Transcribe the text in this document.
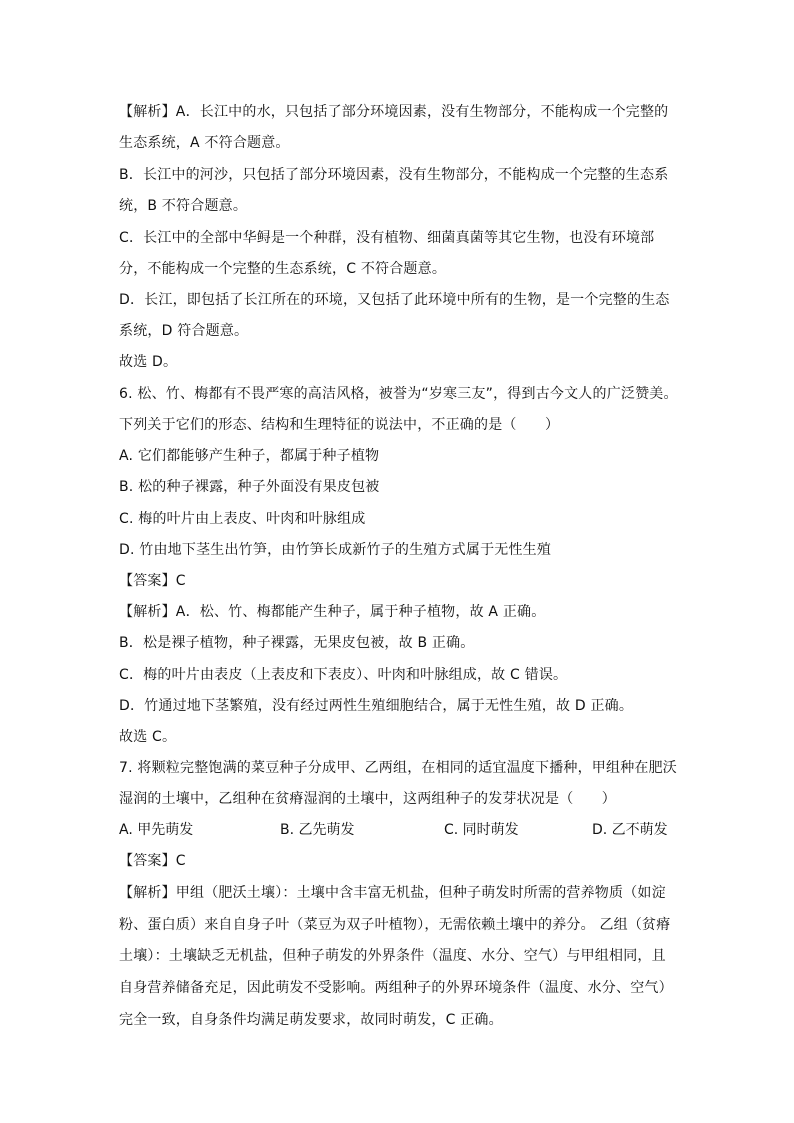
【解析】A．长江中的水，只包括了部分环境因素，没有生物部分，不能构成一个完整的
生态系统，A 不符合题意。
B．长江中的河沙，只包括了部分环境因素，没有生物部分，不能构成一个完整的生态系
统，B 不符合题意。
C．长江中的全部中华鲟是一个种群，没有植物、细菌真菌等其它生物，也没有环境部
分，不能构成一个完整的生态系统，C 不符合题意。
D．长江，即包括了长江所在的环境，又包括了此环境中所有的生物，是一个完整的生态
系统，D 符合题意。
故选 D。
6. 松、竹、梅都有不畏严寒的高洁风格，被誉为“岁寒三友”，得到古今文人的广泛赞美。
下列关于它们的形态、结构和生理特征的说法中，不正确的是（　　）
A. 它们都能够产生种子，都属于种子植物
B. 松的种子裸露，种子外面没有果皮包被
C. 梅的叶片由上表皮、叶肉和叶脉组成
D. 竹由地下茎生出竹笋，由竹笋长成新竹子的生殖方式属于无性生殖
【答案】C
【解析】A．松、竹、梅都能产生种子，属于种子植物，故 A 正确。
B．松是裸子植物，种子裸露，无果皮包被，故 B 正确。
C．梅的叶片由表皮（上表皮和下表皮）、叶肉和叶脉组成，故 C 错误。
D．竹通过地下茎繁殖，没有经过两性生殖细胞结合，属于无性生殖，故 D 正确。
故选 C。
7. 将颗粒完整饱满的菜豆种子分成甲、乙两组，在相同的适宜温度下播种，甲组种在肥沃
湿润的土壤中，乙组种在贫瘠湿润的土壤中，这两组种子的发芽状况是（　　）
A. 甲先萌发	B. 乙先萌发	C. 同时萌发	D. 乙不萌发
【答案】C
【解析】甲组（肥沃土壤）：土壤中含丰富无机盐，但种子萌发时所需的营养物质（如淀
粉、蛋白质）来自自身子叶（菜豆为双子叶植物），无需依赖土壤中的养分。 乙组（贫瘠
土壤）：土壤缺乏无机盐，但种子萌发的外界条件（温度、水分、空气）与甲组相同，且
自身营养储备充足，因此萌发不受影响。两组种子的外界环境条件（温度、水分、空气）
完全一致，自身条件均满足萌发要求，故同时萌发，C 正确。
